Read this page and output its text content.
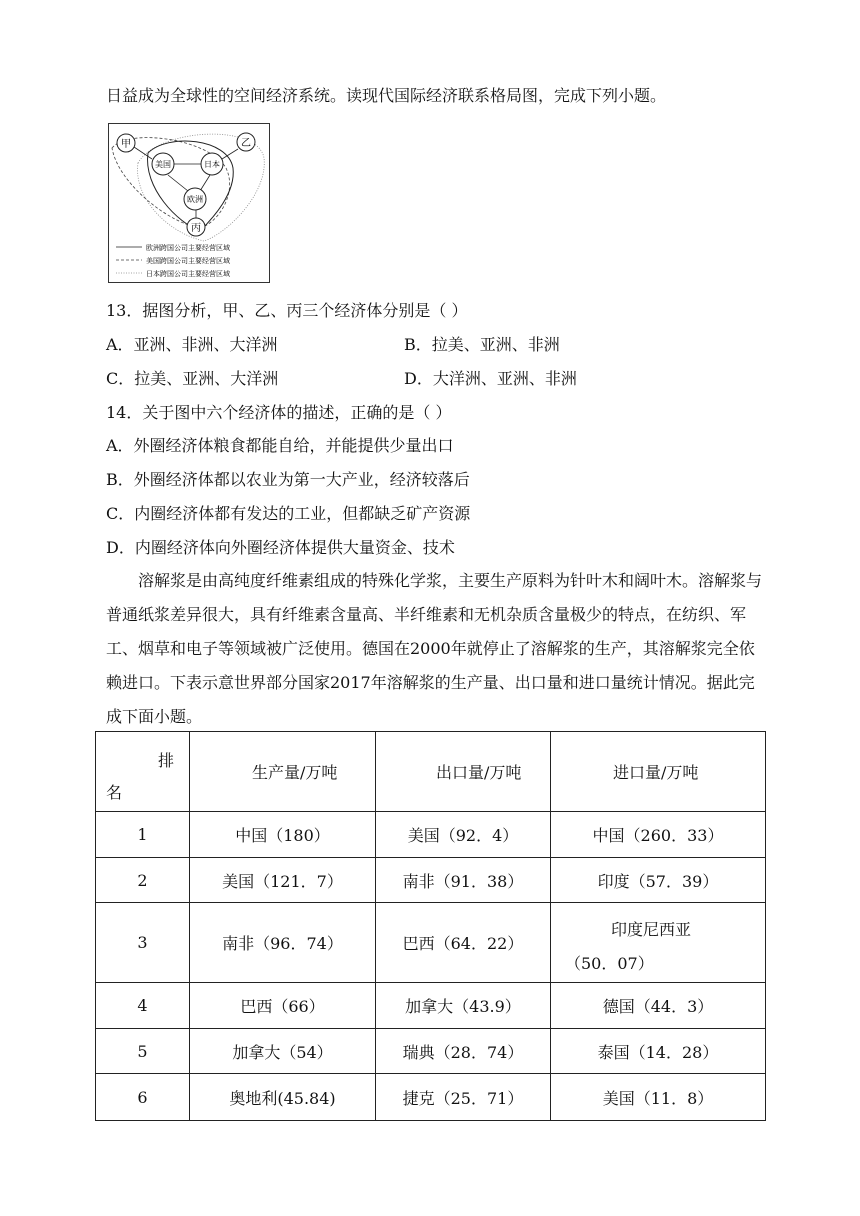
日益成为全球性的空间经济系统。读现代国际经济联系格局图，完成下列小题。
甲	乙
美国	日本
欧洲
丙
欧洲跨国公司主要经营区域
美国跨国公司主要经营区域
日本跨国公司主要经营区域
13．据图分析，甲、乙、丙三个经济体分别是（ ）
A．亚洲、非洲、大洋洲	B．拉美、亚洲、非洲
C．拉美、亚洲、大洋洲	D．大洋洲、亚洲、非洲
14．关于图中六个经济体的描述，正确的是（ ）
A．外圈经济体粮食都能自给，并能提供少量出口
B．外圈经济体都以农业为第一大产业，经济较落后
C．内圈经济体都有发达的工业，但都缺乏矿产资源
D．内圈经济体向外圈经济体提供大量资金、技术
溶解浆是由高纯度纤维素组成的特殊化学浆，主要生产原料为针叶木和阔叶木。溶解浆与普通纸浆差异很大，具有纤维素含量高、半纤维素和无机杂质含量极少的特点，在纺织、军工、烟草和电子等领域被广泛使用。德国在2000年就停止了溶解浆的生产，其溶解浆完全依赖进口。下表示意世界部分国家2017年溶解浆的生产量、出口量和进口量统计情况。据此完成下面小题。
排
名	生产量/万吨	出口量/万吨	进口量/万吨
1	中国（180）	美国（92．4）	中国（260．33）
2	美国（121．7）	南非（91．38）	印度（57．39）
3	南非（96．74）	巴西（64．22）	印度尼西亚
（50．07）

4	巴西（66）	加拿大（43.9）	德国（44．3）
5	加拿大（54）	瑞典（28．74）	泰国（14．28）
6	奥地利(45.84)	捷克（25．71）	美国（11．8）
